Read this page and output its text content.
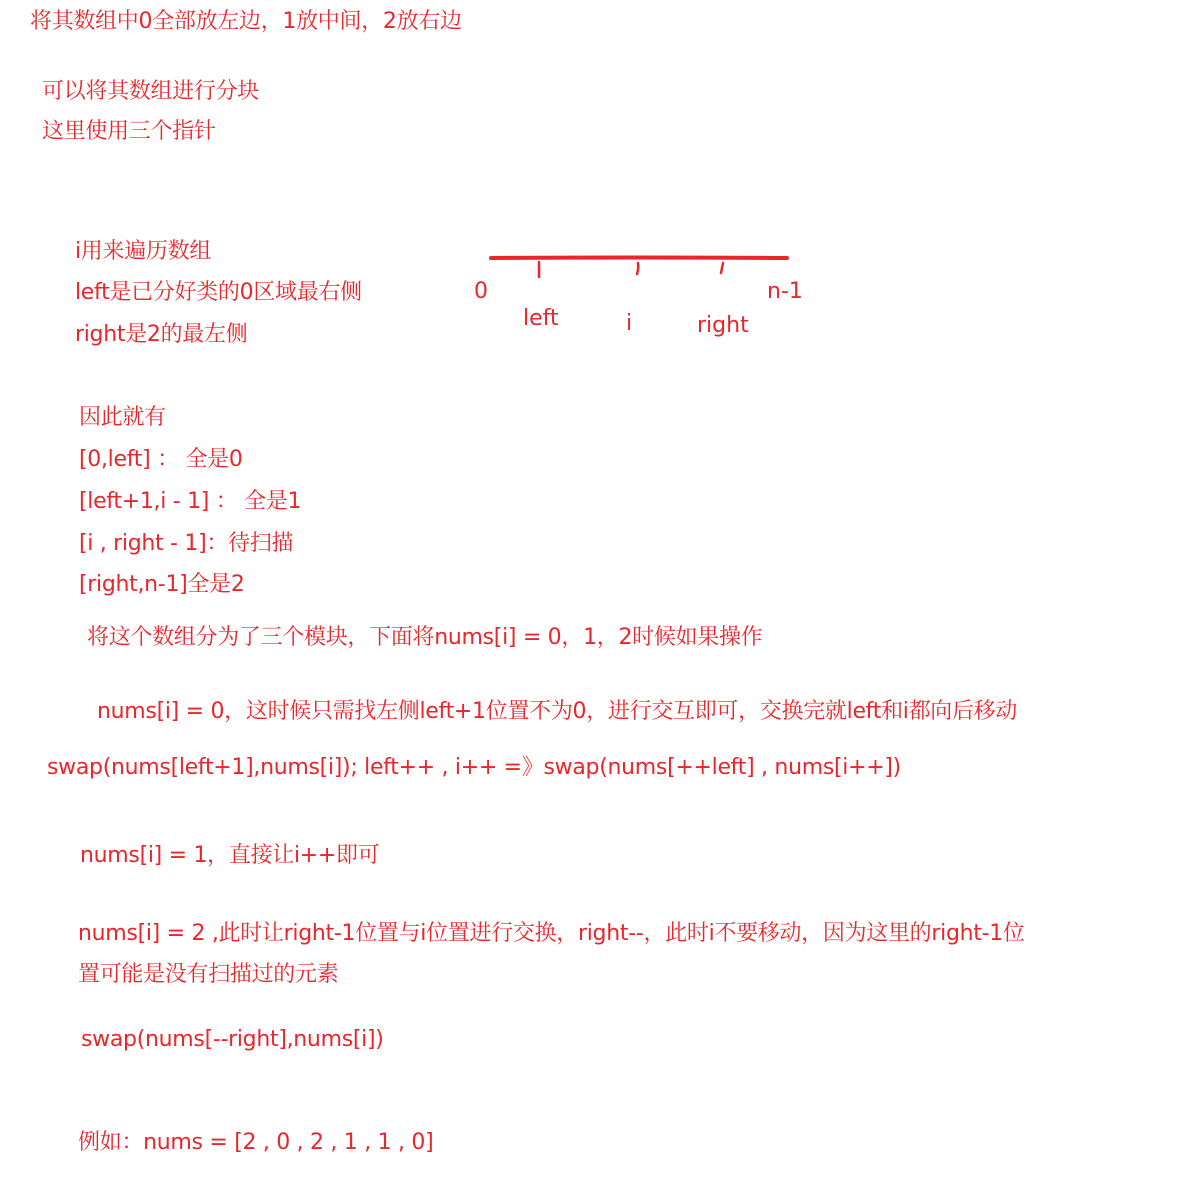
将其数组中0全部放左边，1放中间，2放右边
可以将其数组进行分块
这里使用三个指针
i用来遍历数组
left是已分好类的0区域最右侧
right是2的最左侧
0	n-1
left	i	right
因此就有
[0,left] ： 全是0
[left+1,i - 1] ： 全是1
[i , right - 1]：待扫描
[right,n-1]全是2
将这个数组分为了三个模块，下面将nums[i] = 0，1，2时候如果操作
nums[i] = 0，这时候只需找左侧left+1位置不为0，进行交互即可，交换完就left和i都向后移动
swap(nums[left+1],nums[i]); left++ , i++ =》swap(nums[++left] , nums[i++])
nums[i] = 1，直接让i++即可
nums[i] = 2 ,此时让right-1位置与i位置进行交换，right--，此时i不要移动，因为这里的right-1位
置可能是没有扫描过的元素
swap(nums[--right],nums[i])
例如：nums = [2 , 0 , 2 , 1 , 1 , 0]
